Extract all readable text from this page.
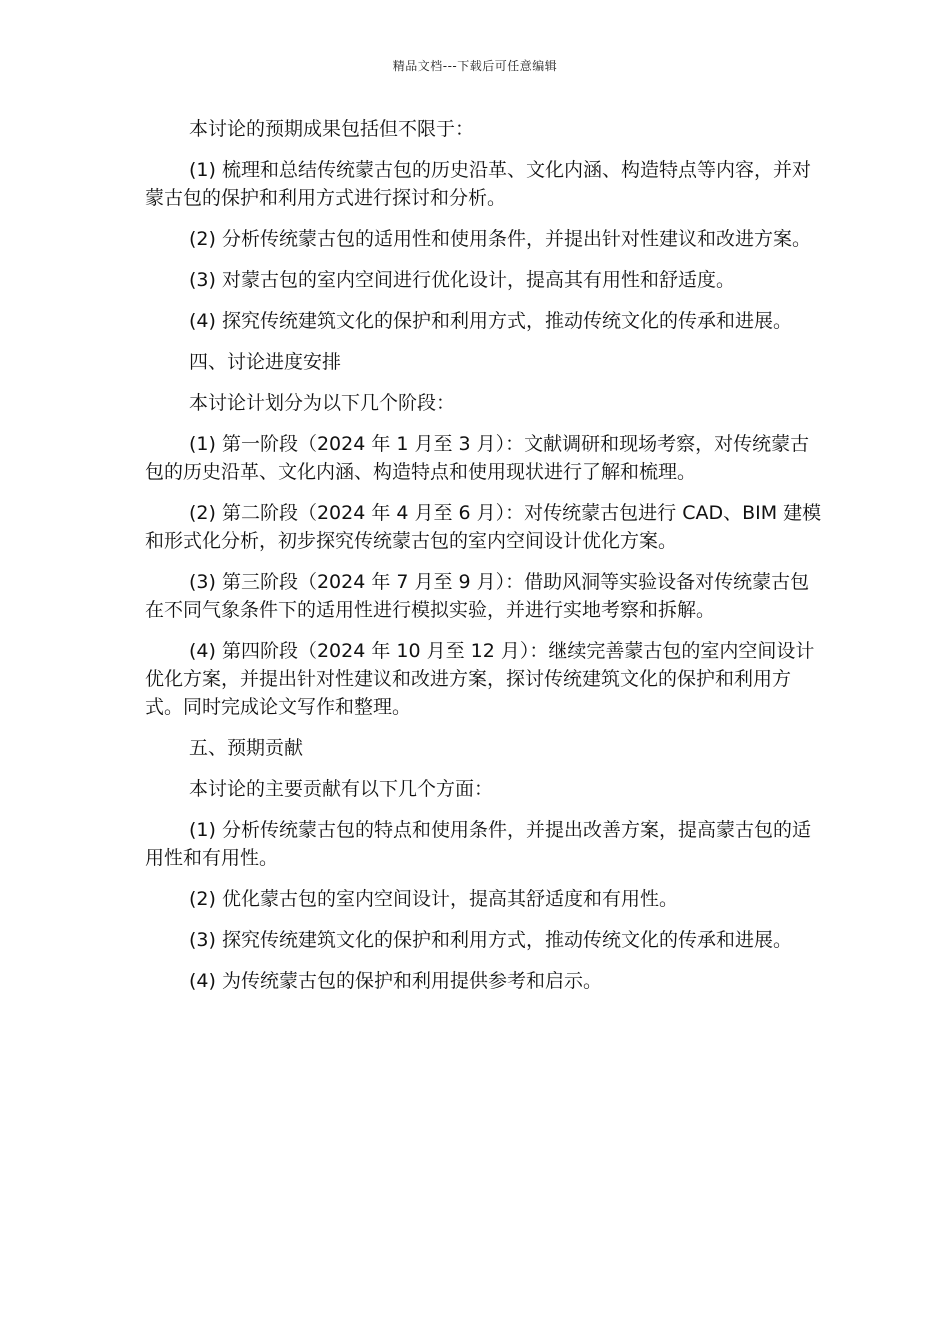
精品文档---下载后可任意编辑

本讨论的预期成果包括但不限于：

(1) 梳理和总结传统蒙古包的历史沿革、文化内涵、构造特点等内容，并对蒙古包的保护和利用方式进行探讨和分析。

(2) 分析传统蒙古包的适用性和使用条件，并提出针对性建议和改进方案。

(3) 对蒙古包的室内空间进行优化设计，提高其有用性和舒适度。

(4) 探究传统建筑文化的保护和利用方式，推动传统文化的传承和进展。

四、讨论进度安排

本讨论计划分为以下几个阶段：

(1) 第一阶段（2024 年 1 月至 3 月）：文献调研和现场考察，对传统蒙古包的历史沿革、文化内涵、构造特点和使用现状进行了解和梳理。

(2) 第二阶段（2024 年 4 月至 6 月）：对传统蒙古包进行 CAD、BIM 建模和形式化分析，初步探究传统蒙古包的室内空间设计优化方案。

(3) 第三阶段（2024 年 7 月至 9 月）：借助风洞等实验设备对传统蒙古包在不同气象条件下的适用性进行模拟实验，并进行实地考察和拆解。

(4) 第四阶段（2024 年 10 月至 12 月）：继续完善蒙古包的室内空间设计优化方案，并提出针对性建议和改进方案，探讨传统建筑文化的保护和利用方式。同时完成论文写作和整理。

五、预期贡献

本讨论的主要贡献有以下几个方面：

(1) 分析传统蒙古包的特点和使用条件，并提出改善方案，提高蒙古包的适用性和有用性。

(2) 优化蒙古包的室内空间设计，提高其舒适度和有用性。

(3) 探究传统建筑文化的保护和利用方式，推动传统文化的传承和进展。

(4) 为传统蒙古包的保护和利用提供参考和启示。
